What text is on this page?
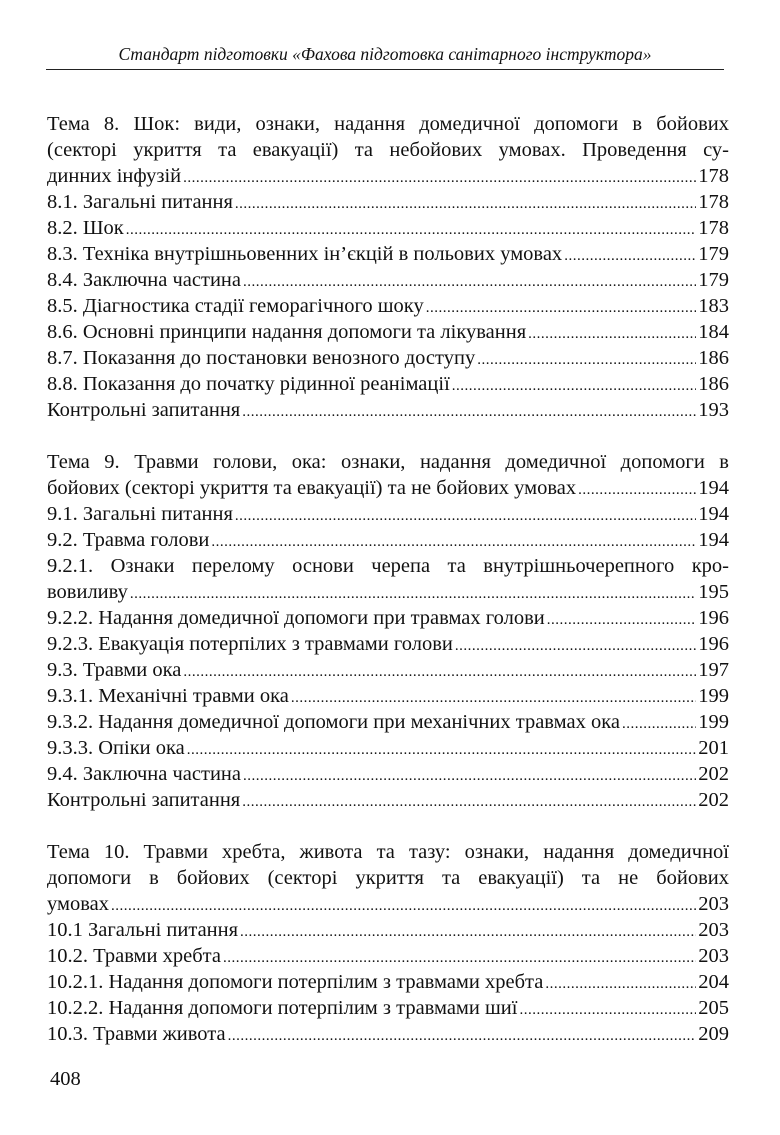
Стандарт підготовки «Фахова підготовка санітарного інструктора»
Тема 8. Шок: види, ознаки, надання домедичної допомоги в бойових
(секторі укриття та евакуації) та небойових умовах. Проведення су-
динних інфузій .....	178
8.1. Загальні питання .....	178
8.2. Шок .....	178
8.3. Техніка внутрішньовенних ін’єкцій в польових умовах .....	179
8.4. Заключна частина .....	179
8.5. Діагностика стадії геморагічного шоку .....	183
8.6. Основні принципи надання допомоги та лікування .....	184
8.7. Показання до постановки венозного доступу .....	186
8.8. Показання до початку рідинної реанімації .....	186
Контрольні запитання .....	193
Тема 9. Травми голови, ока: ознаки, надання домедичної допомоги в
бойових (секторі укриття та евакуації) та не бойових умовах .....	194
9.1. Загальні питання .....	194
9.2. Травма голови .....	194
9.2.1. Ознаки перелому основи черепа та внутрішньочерепного кро-
вовиливу .....	195
9.2.2. Надання домедичної допомоги при травмах голови .....	196
9.2.3. Евакуація потерпілих з травмами голови .....	196
9.3. Травми ока .....	197
9.3.1. Механічні травми ока .....	199
9.3.2. Надання домедичної допомоги при механічних травмах ока .....	199
9.3.3. Опіки ока .....	201
9.4. Заключна частина .....	202
Контрольні запитання .....	202
Тема 10. Травми хребта, живота та тазу: ознаки, надання домедичної
допомоги в бойових (секторі укриття та евакуації) та не бойових
умовах .....	203
10.1 Загальні питання .....	203
10.2. Травми хребта .....	203
10.2.1. Надання допомоги потерпілим з травмами хребта .....	204
10.2.2. Надання допомоги потерпілим з травмами шиї .....	205
10.3. Травми живота .....	209
408
